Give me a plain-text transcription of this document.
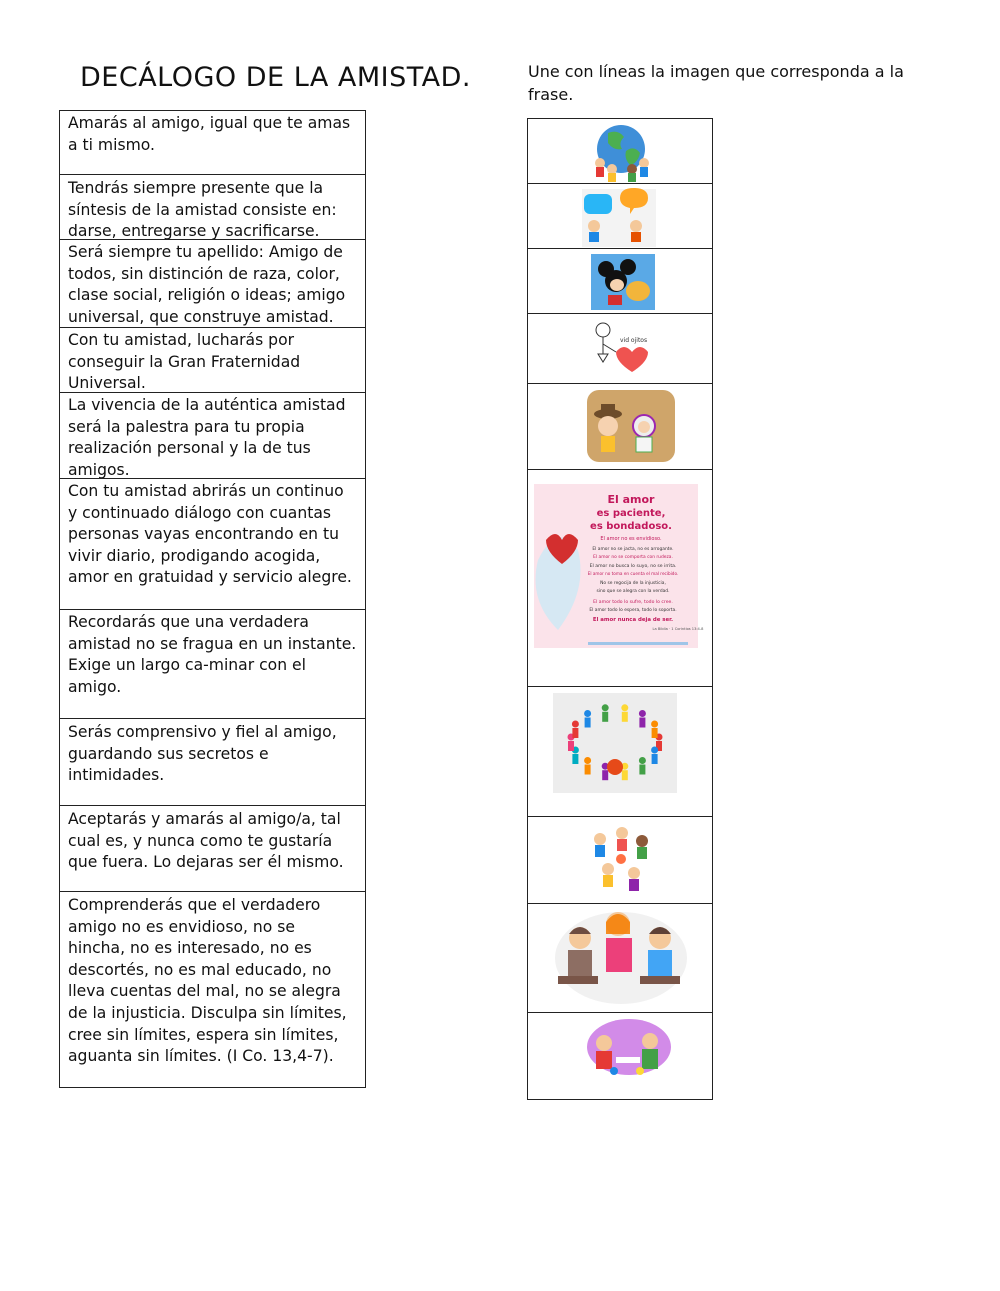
DECÁLOGO DE LA AMISTAD.	Une con líneas la imagen que corresponda a la frase.
Amarás al amigo, igual que te amas a ti mismo.
Tendrás siempre presente que la síntesis de la amistad consiste en: darse, entregarse y sacrificarse.
Será siempre tu apellido: Amigo de todos, sin distinción de raza, color, clase social, religión o ideas; amigo universal, que construye amistad.
Con tu amistad, lucharás por conseguir la Gran Fraternidad Universal.
La vivencia de la auténtica amistad será la palestra para tu propia realización personal y la de tus amigos.
Con tu amistad abrirás un continuo y continuado diálogo con cuantas personas vayas encontrando en tu vivir diario, prodigando acogida, amor en gratuidad y servicio alegre.
Recordarás que una verdadera amistad no se fragua en un instante. Exige un largo ca-minar con el amigo.
Serás comprensivo y fiel al amigo, guardando sus secretos e intimidades.
Aceptarás y amarás al amigo/a, tal cual es, y nunca como te gustaría que fuera. Lo dejaras ser él mismo.
Comprenderás que el verdadero amigo no es envidioso, no se hincha, no es interesado, no es descortés, no es mal educado, no lleva cuentas del mal, no se alegra de la injusticia. Disculpa sin límites, cree sin límites, espera sin límites, aguanta sin límites. (I Co. 13,4-7).
vid ojitos
El amor
es paciente,
es bondadoso.
El amor no es envidioso.
El amor no se jacta, no es arrogante.
El amor no se comporta con rudeza.
El amor no busca lo suyo, no se irrita.
El amor no toma en cuenta el mal recibido.
No se regocija de la injusticia,
sino que se alegra con la verdad.
El amor todo lo sufre, todo lo cree.
El amor todo lo espera, todo lo soporta.
El amor nunca deja de ser.
La Biblia · 1 Corintios 13:4-8
